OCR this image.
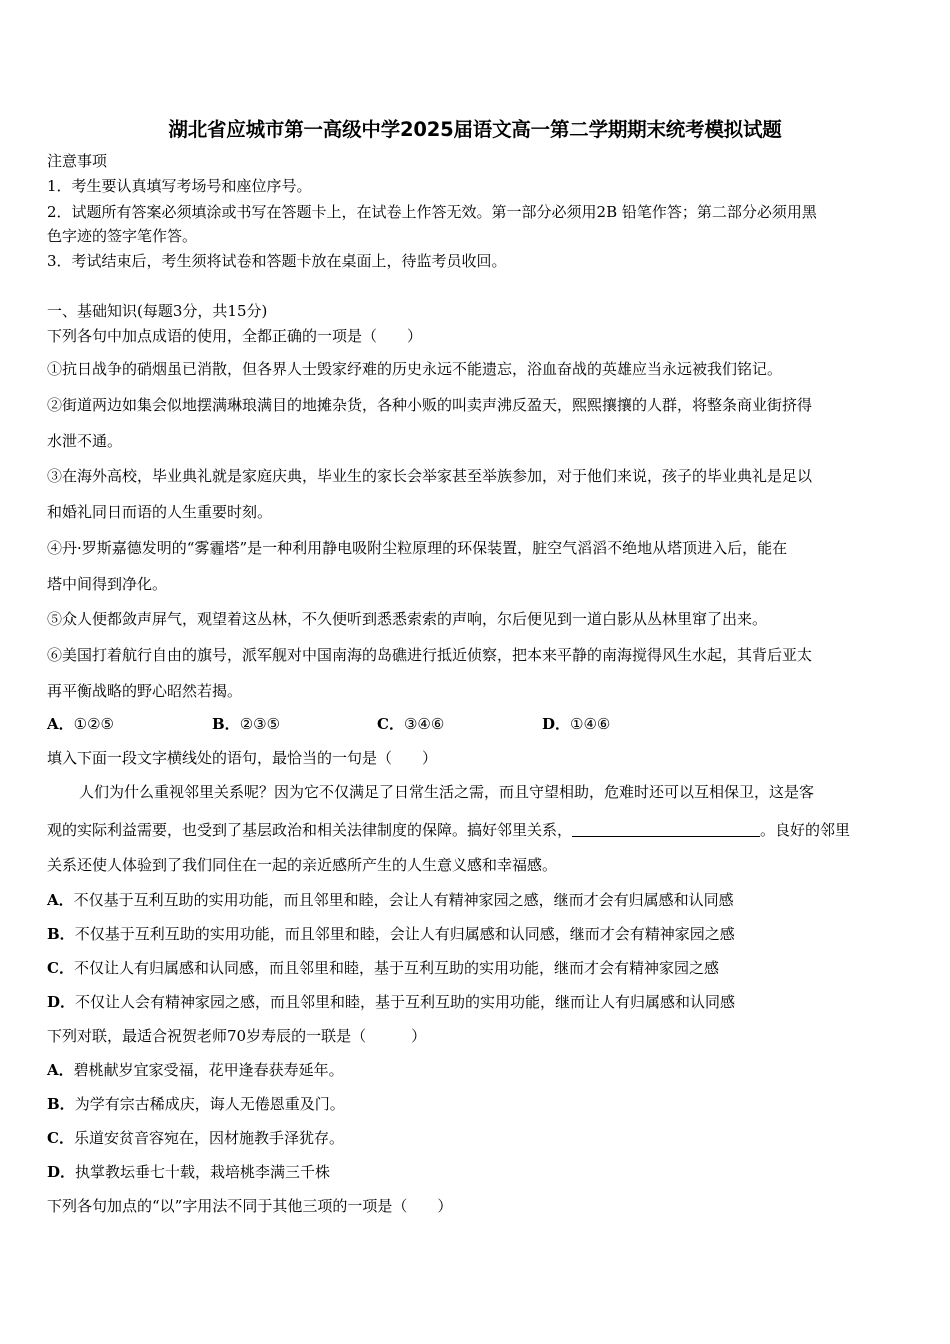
湖北省应城市第一高级中学2025届语文高一第二学期期末统考模拟试题
注意事项
1．考生要认真填写考场号和座位序号。
2．试题所有答案必须填涂或书写在答题卡上，在试卷上作答无效。第一部分必须用2B 铅笔作答；第二部分必须用黑
色字迹的签字笔作答。
3．考试结束后，考生须将试卷和答题卡放在桌面上，待监考员收回。
一、基础知识(每题3分，共15分)
下列各句中加点成语的使用，全都正确的一项是（　　）
①抗日战争的硝烟虽已消散，但各界人士毁家纾难的历史永远不能遗忘，浴血奋战的英雄应当永远被我们铭记。
②街道两边如集会似地摆满琳琅满目的地摊杂货，各种小贩的叫卖声沸反盈天，熙熙攘攘的人群，将整条商业街挤得
水泄不通。
③在海外高校，毕业典礼就是家庭庆典，毕业生的家长会举家甚至举族参加，对于他们来说，孩子的毕业典礼是足以
和婚礼同日而语的人生重要时刻。
④丹·罗斯嘉德发明的“雾霾塔”是一种利用静电吸附尘粒原理的环保装置，脏空气滔滔不绝地从塔顶进入后，能在
塔中间得到净化。
⑤众人便都敛声屏气，观望着这丛林，不久便听到悉悉索索的声响，尔后便见到一道白影从丛林里窜了出来。
⑥美国打着航行自由的旗号，派军舰对中国南海的岛礁进行抵近侦察，把本来平静的南海搅得风生水起，其背后亚太
再平衡战略的野心昭然若揭。
A．①②⑤	B．②③⑤	C．③④⑥	D．①④⑥
填入下面一段文字横线处的语句，最恰当的一句是（　　）
人们为什么重视邻里关系呢？因为它不仅满足了日常生活之需，而且守望相助，危难时还可以互相保卫，这是客
观的实际利益需要，也受到了基层政治和相关法律制度的保障。搞好邻里关系，	。良好的邻里
关系还使人体验到了我们同住在一起的亲近感所产生的人生意义感和幸福感。
A．不仅基于互利互助的实用功能，而且邻里和睦，会让人有精神家园之感，继而才会有归属感和认同感
B．不仅基于互利互助的实用功能，而且邻里和睦，会让人有归属感和认同感，继而才会有精神家园之感
C．不仅让人有归属感和认同感，而且邻里和睦，基于互利互助的实用功能，继而才会有精神家园之感
D．不仅让人会有精神家园之感，而且邻里和睦，基于互利互助的实用功能，继而让人有归属感和认同感
下列对联，最适合祝贺老师70岁寿辰的一联是（　　　）
A．碧桃献岁宜家受福，花甲逢春获寿延年。
B．为学有宗古稀成庆，诲人无倦恩重及门。
C．乐道安贫音容宛在，因材施教手泽犹存。
D．执掌教坛垂七十载，栽培桃李满三千株
下列各句加点的“以”字用法不同于其他三项的一项是（　　）
